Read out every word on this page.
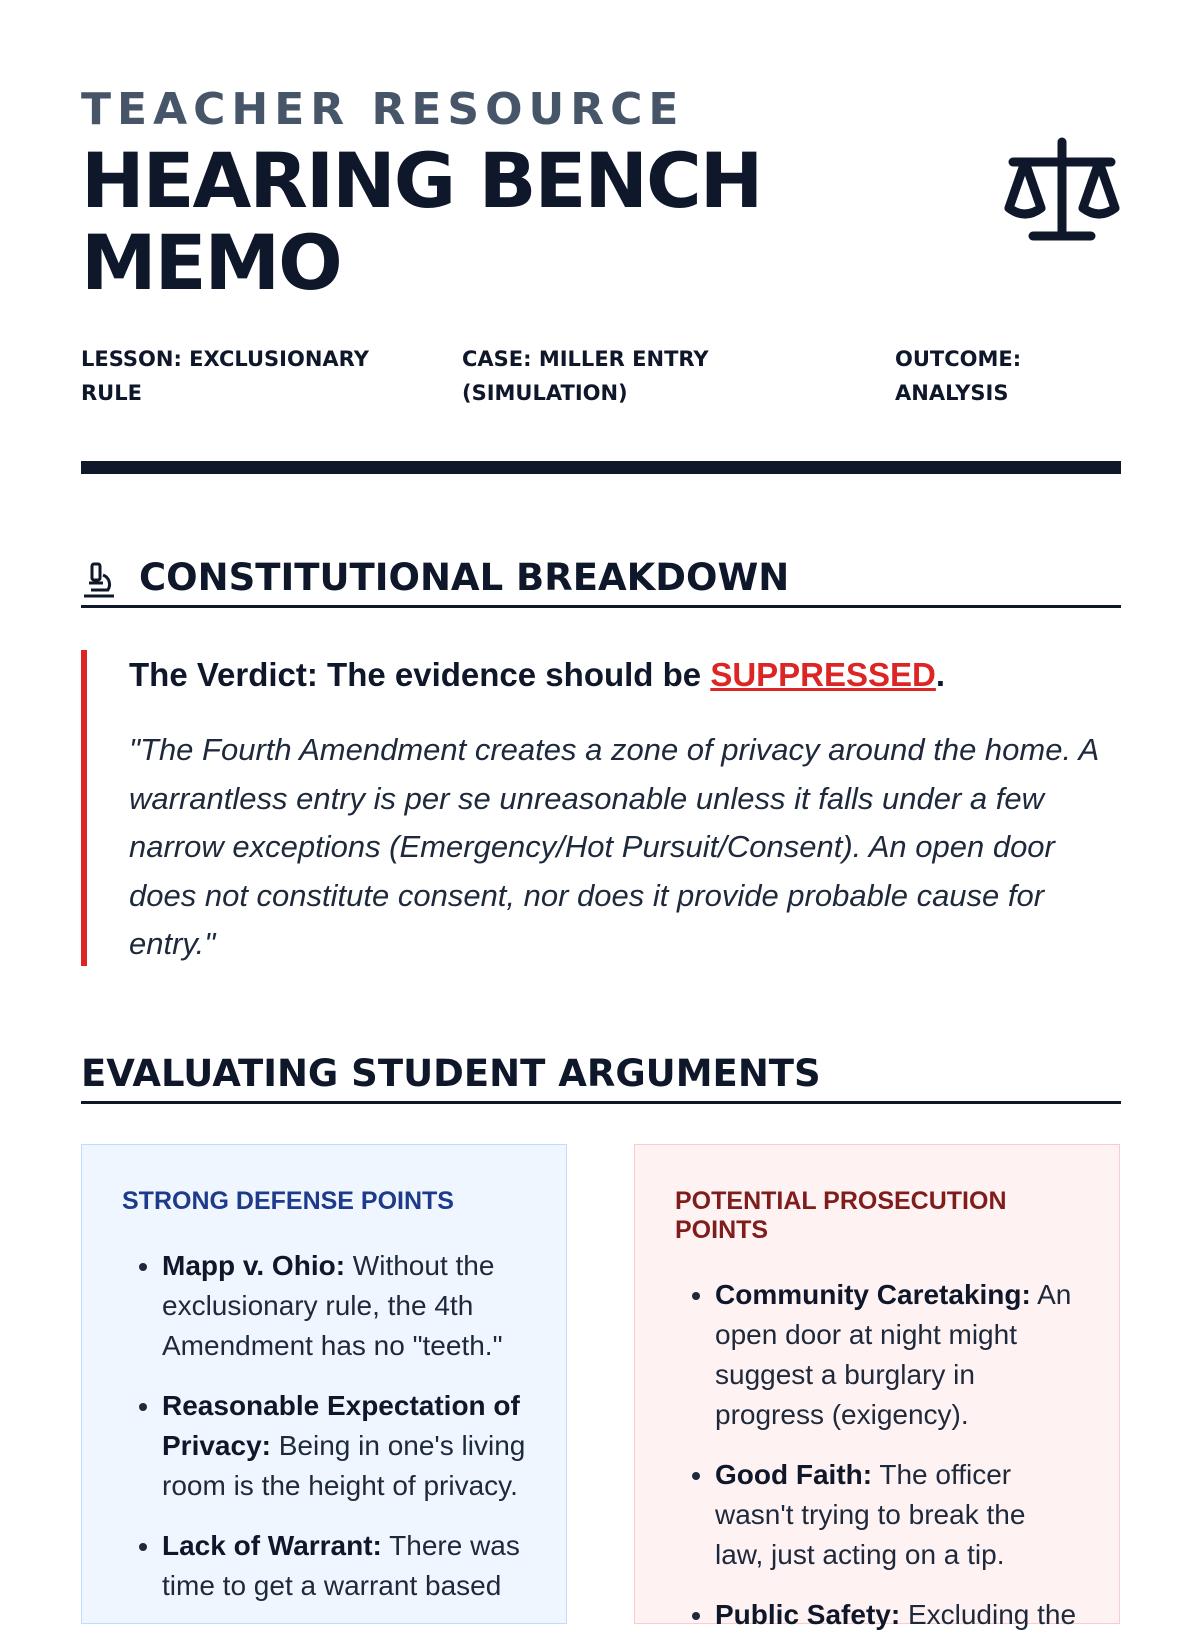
TEACHER RESOURCE
HEARING BENCH MEMO
LESSON: EXCLUSIONARY RULE
CASE: MILLER ENTRY (SIMULATION)
OUTCOME: ANALYSIS
CONSTITUTIONAL BREAKDOWN
The Verdict: The evidence should be SUPPRESSED.
"The Fourth Amendment creates a zone of privacy around the home. A warrantless entry is per se unreasonable unless it falls under a few narrow exceptions (Emergency/Hot Pursuit/Consent). An open door does not constitute consent, nor does it provide probable cause for entry."
EVALUATING STUDENT ARGUMENTS
STRONG DEFENSE POINTS
• Mapp v. Ohio: Without the exclusionary rule, the 4th Amendment has no "teeth."
• Reasonable Expectation of Privacy: Being in one's living room is the height of privacy.
• Lack of Warrant: There was time to get a warrant based
POTENTIAL PROSECUTION POINTS
• Community Caretaking: An open door at night might suggest a burglary in progress (exigency).
• Good Faith: The officer wasn't trying to break the law, just acting on a tip.
• Public Safety: Excluding the
